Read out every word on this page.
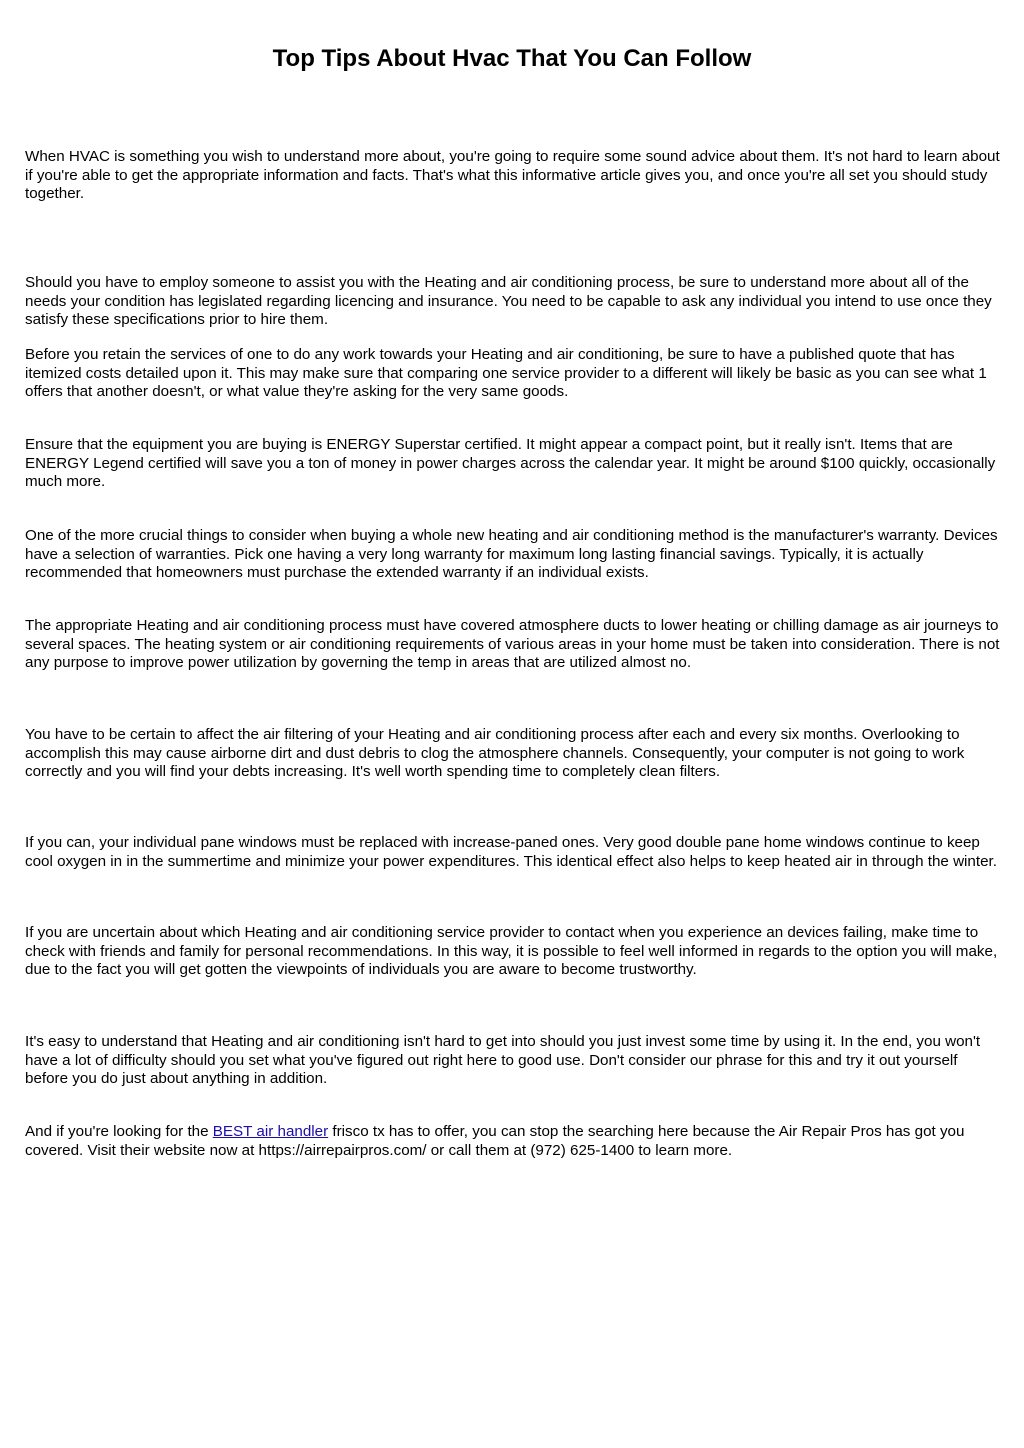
Top Tips About Hvac That You Can Follow

When HVAC is something you wish to understand more about, you're going to require some sound advice about them. It's not hard to learn about if you're able to get the appropriate information and facts. That's what this informative article gives you, and once you're all set you should study together.

Should you have to employ someone to assist you with the Heating and air conditioning process, be sure to understand more about all of the needs your condition has legislated regarding licencing and insurance. You need to be capable to ask any individual you intend to use once they satisfy these specifications prior to hire them.

Before you retain the services of one to do any work towards your Heating and air conditioning, be sure to have a published quote that has itemized costs detailed upon it. This may make sure that comparing one service provider to a different will likely be basic as you can see what 1 offers that another doesn't, or what value they're asking for the very same goods.

Ensure that the equipment you are buying is ENERGY Superstar certified. It might appear a compact point, but it really isn't. Items that are ENERGY Legend certified will save you a ton of money in power charges across the calendar year. It might be around $100 quickly, occasionally much more.

One of the more crucial things to consider when buying a whole new heating and air conditioning method is the manufacturer's warranty. Devices have a selection of warranties. Pick one having a very long warranty for maximum long lasting financial savings. Typically, it is actually recommended that homeowners must purchase the extended warranty if an individual exists.

The appropriate Heating and air conditioning process must have covered atmosphere ducts to lower heating or chilling damage as air journeys to several spaces. The heating system or air conditioning requirements of various areas in your home must be taken into consideration. There is not any purpose to improve power utilization by governing the temp in areas that are utilized almost no.

You have to be certain to affect the air filtering of your Heating and air conditioning process after each and every six months. Overlooking to accomplish this may cause airborne dirt and dust debris to clog the atmosphere channels. Consequently, your computer is not going to work correctly and you will find your debts increasing. It's well worth spending time to completely clean filters.

If you can, your individual pane windows must be replaced with increase-paned ones. Very good double pane home windows continue to keep cool oxygen in in the summertime and minimize your power expenditures. This identical effect also helps to keep heated air in through the winter.

If you are uncertain about which Heating and air conditioning service provider to contact when you experience an devices failing, make time to check with friends and family for personal recommendations. In this way, it is possible to feel well informed in regards to the option you will make, due to the fact you will get gotten the viewpoints of individuals you are aware to become trustworthy.

It's easy to understand that Heating and air conditioning isn't hard to get into should you just invest some time by using it. In the end, you won't have a lot of difficulty should you set what you've figured out right here to good use. Don't consider our phrase for this and try it out yourself before you do just about anything in addition.

And if you're looking for the BEST air handler frisco tx has to offer, you can stop the searching here because the Air Repair Pros has got you covered. Visit their website now at https://airrepairpros.com/ or call them at (972) 625-1400 to learn more.
